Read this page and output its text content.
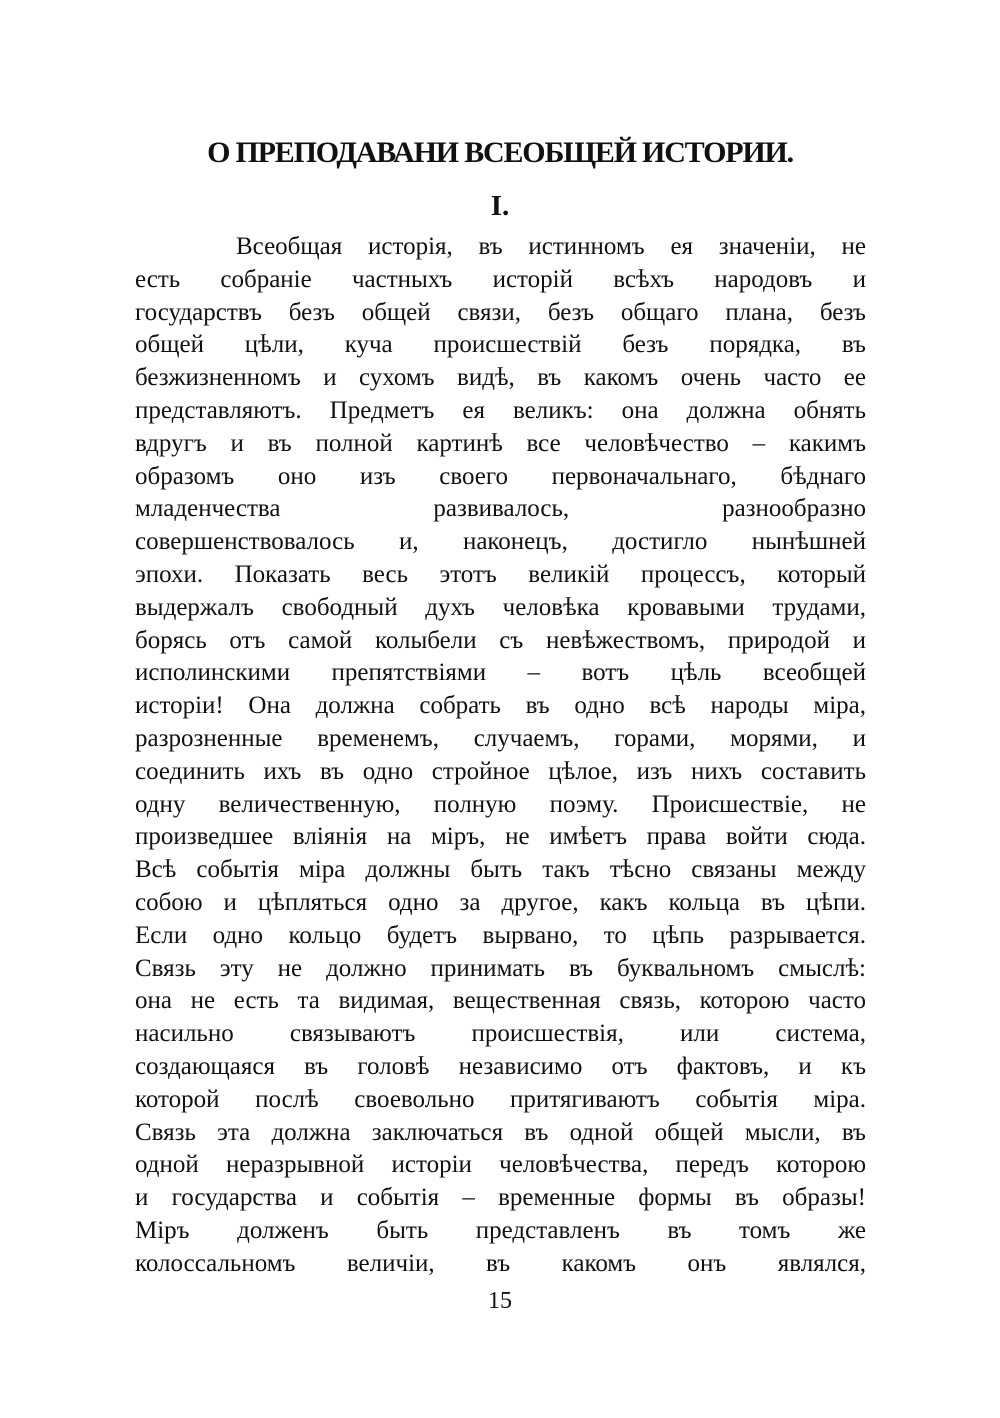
О ПРЕПОДАВАНИ ВСЕОБЩЕЙ ИСТОРИИ.
I.
Всеобщая исторія, въ истинномъ ея значеніи, не
есть собраніе частныхъ исторій всѣхъ народовъ и
государствъ безъ общей связи, безъ общаго плана, безъ
общей цѣли, куча происшествій безъ порядка, въ
безжизненномъ и сухомъ видѣ, въ какомъ очень часто ее
представляютъ. Предметъ ея великъ: она должна обнять
вдругъ и въ полной картинѣ все человѣчество – какимъ
образомъ оно изъ своего первоначальнаго, бѣднаго
младенчества развивалось, разнообразно
совершенствовалось и, наконецъ, достигло нынѣшней
эпохи. Показать весь этотъ великій процессъ, который
выдержалъ свободный духъ человѣка кровавыми трудами,
борясь отъ самой колыбели съ невѣжествомъ, природой и
исполинскими препятствіями – вотъ цѣль всеобщей
исторіи! Она должна собрать въ одно всѣ народы міра,
разрозненные временемъ, случаемъ, горами, морями, и
соединить ихъ въ одно стройное цѣлое, изъ нихъ составить
одну величественную, полную поэму. Происшествіе, не
произведшее вліянія на міръ, не имѣетъ права войти сюда.
Всѣ событія міра должны быть такъ тѣсно связаны между
собою и цѣпляться одно за другое, какъ кольца въ цѣпи.
Если одно кольцо будетъ вырвано, то цѣпь разрывается.
Связь эту не должно принимать въ буквальномъ смыслѣ:
она не есть та видимая, вещественная связь, которою часто
насильно связываютъ происшествія, или система,
создающаяся въ головѣ независимо отъ фактовъ, и къ
которой послѣ своевольно притягиваютъ событія міра.
Связь эта должна заключаться въ одной общей мысли, въ
одной неразрывной исторіи человѣчества, передъ которою
и государства и событія – временные формы въ образы!
Міръ долженъ быть представленъ въ томъ же
колоссальномъ величіи, въ какомъ онъ являлся,
15
